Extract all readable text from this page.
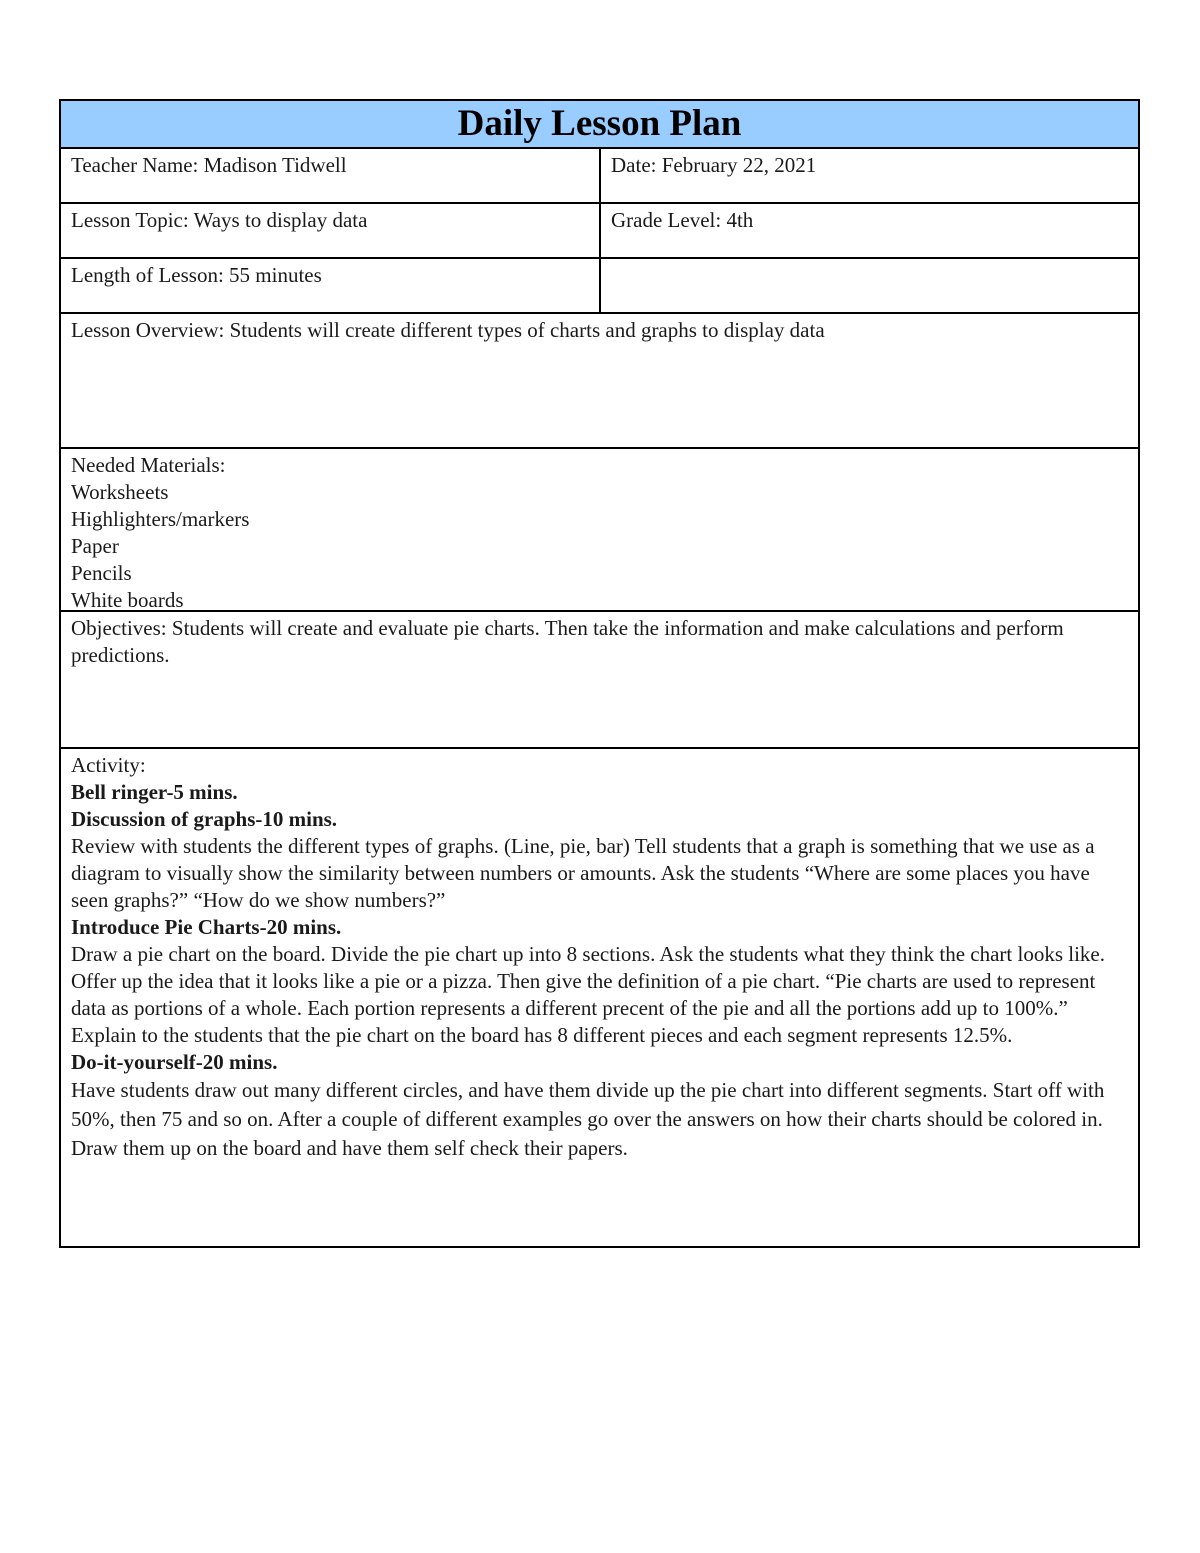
Daily Lesson Plan
Teacher Name: Madison Tidwell	Date: February 22, 2021
Lesson Topic: Ways to display data	Grade Level: 4th
Length of Lesson: 55 minutes
Lesson Overview: Students will create different types of charts and graphs to display data
Needed Materials:
Worksheets
Highlighters/markers
Paper
Pencils
White boards
Objectives: Students will create and evaluate pie charts. Then take the information and make calculations and perform predictions.
Activity:
Bell ringer-5 mins.
Discussion of graphs-10 mins.
Review with students the different types of graphs. (Line, pie, bar) Tell students that a graph is something that we use as a diagram to visually show the similarity between numbers or amounts. Ask the students “Where are some places you have seen graphs?” “How do we show numbers?”
Introduce Pie Charts-20 mins.
Draw a pie chart on the board. Divide the pie chart up into 8 sections. Ask the students what they think the chart looks like. Offer up the idea that it looks like a pie or a pizza. Then give the definition of a pie chart. “Pie charts are used to represent data as portions of a whole. Each portion represents a different precent of the pie and all the portions add up to 100%.” Explain to the students that the pie chart on the board has 8 different pieces and each segment represents 12.5%.
Do-it-yourself-20 mins.
Have students draw out many different circles, and have them divide up the pie chart into different segments. Start off with 50%, then 75 and so on. After a couple of different examples go over the answers on how their charts should be colored in. Draw them up on the board and have them self check their papers.
